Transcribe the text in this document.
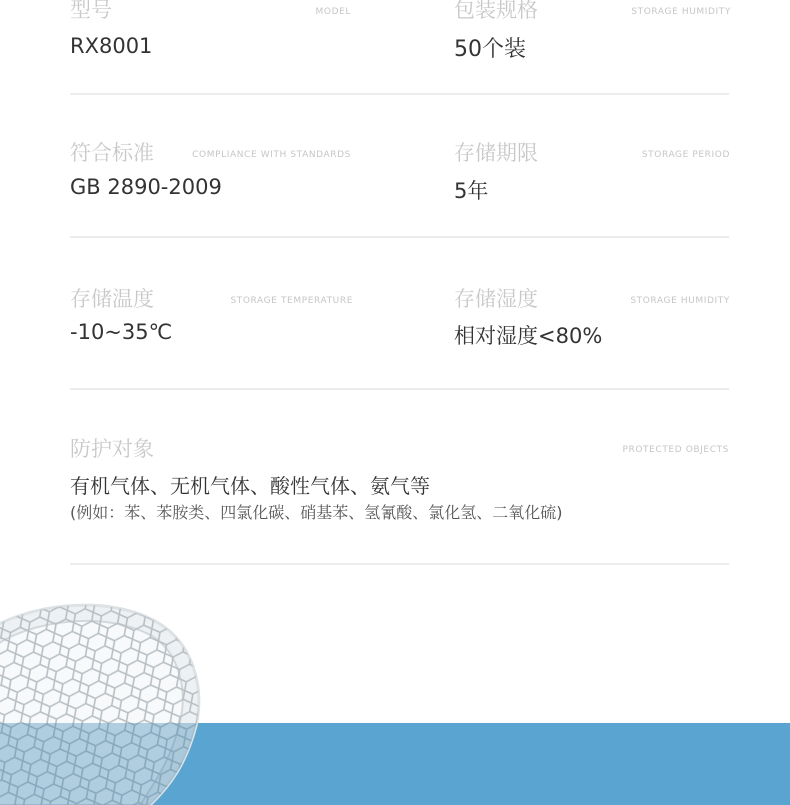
型号	MODEL
RX8001
包装规格	STORAGE HUMIDITY
50个装
符合标准	COMPLIANCE WITH STANDARDS
GB 2890-2009
存储期限	STORAGE PERIOD
5年
存储温度	STORAGE TEMPERATURE
-10~35℃
存储湿度	STORAGE HUMIDITY
相对湿度<80%
防护对象	PROTECTED OBJECTS
有机气体、无机气体、酸性气体、氨气等
(例如：苯、苯胺类、四氯化碳、硝基苯、氢氰酸、氯化氢、二氧化硫)
